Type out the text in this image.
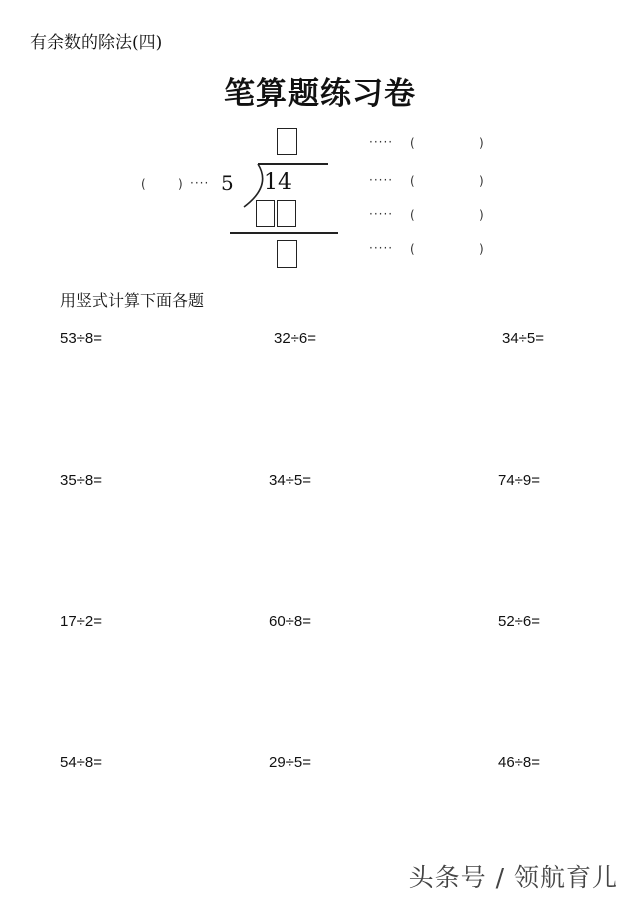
有余数的除法(四)
笔算题练习卷
5 14
(	) ····
····· (	)
····· (	)
····· (	)
····· (	)
用竖式计算下面各题
53÷8=	32÷6=	34÷5=
35÷8=	34÷5=	74÷9=
17÷2=	60÷8=	52÷6=
54÷8=	29÷5=	46÷8=
头条号 / 领航育儿
